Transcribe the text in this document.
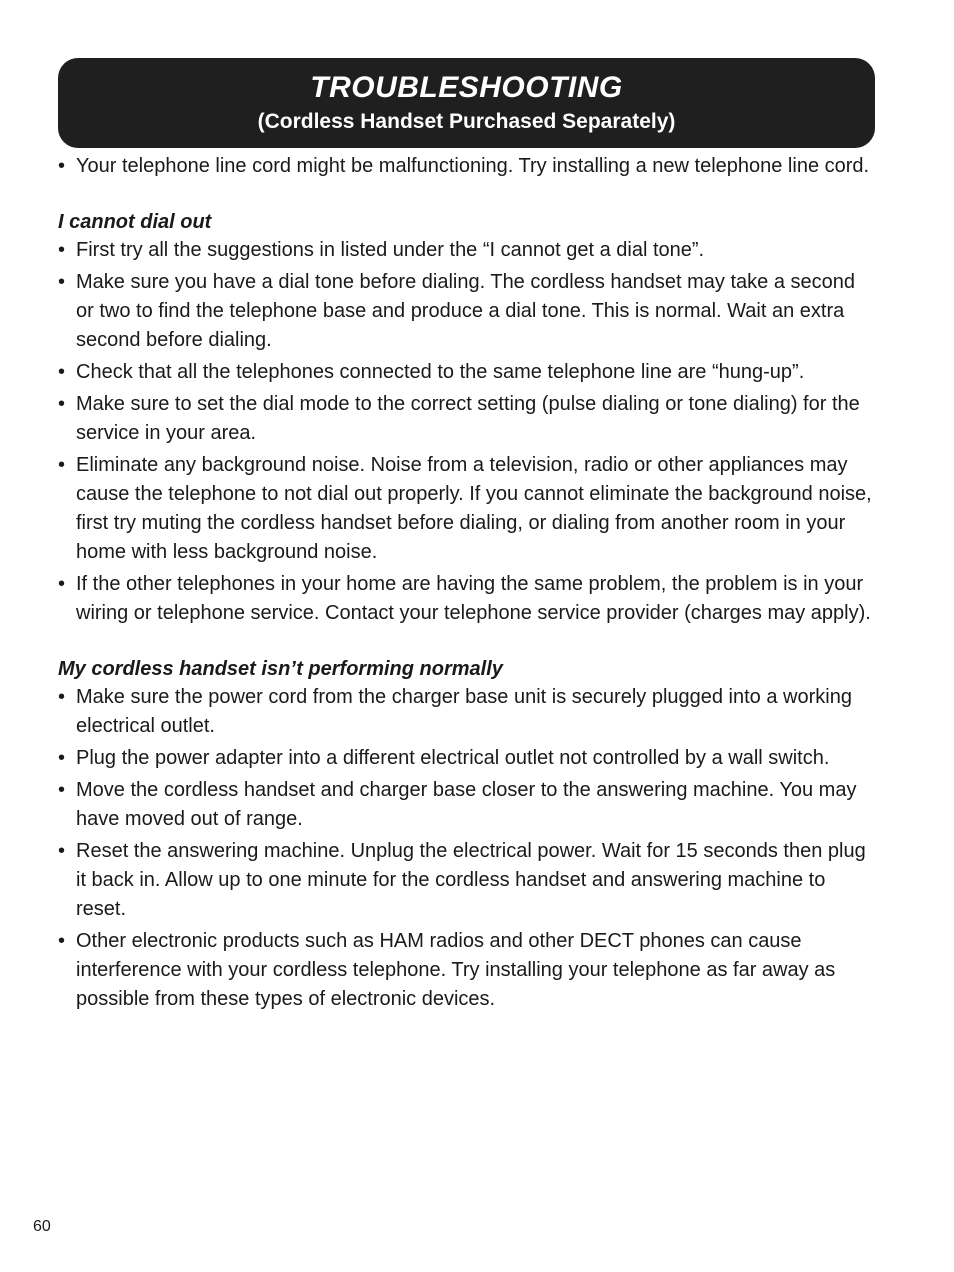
TROUBLESHOOTING
(Cordless Handset Purchased Separately)
• Your telephone line cord might be malfunctioning. Try installing a new telephone line cord.
I cannot dial out
• First try all the suggestions in listed under the “I cannot get a dial tone”.
• Make sure you have a dial tone before dialing. The cordless handset may take a second or two to find the telephone base and produce a dial tone. This is normal. Wait an extra second before dialing.
• Check that all the telephones connected to the same telephone line are “hung-up”.
• Make sure to set the dial mode to the correct setting (pulse dialing or tone dialing) for the service in your area.
• Eliminate any background noise. Noise from a television, radio or other appliances may cause the telephone to not dial out properly. If you cannot eliminate the background noise, first try muting the cordless handset before dialing, or dialing from another room in your home with less background noise.
• If the other telephones in your home are having the same problem, the problem is in your wiring or telephone service. Contact your telephone service provider (charges may apply).
My cordless handset isn’t performing normally
• Make sure the power cord from the charger base unit is securely plugged into a working electrical outlet.
• Plug the power adapter into a different electrical outlet not controlled by a wall switch.
• Move the cordless handset and charger base closer to the answering machine. You may have moved out of range.
• Reset the answering machine. Unplug the electrical power. Wait for 15 seconds then plug it back in. Allow up to one minute for the cordless handset and answering machine to reset.
• Other electronic products such as HAM radios and other DECT phones can cause interference with your cordless telephone. Try installing your telephone as far away as possible from these types of electronic devices.
60
